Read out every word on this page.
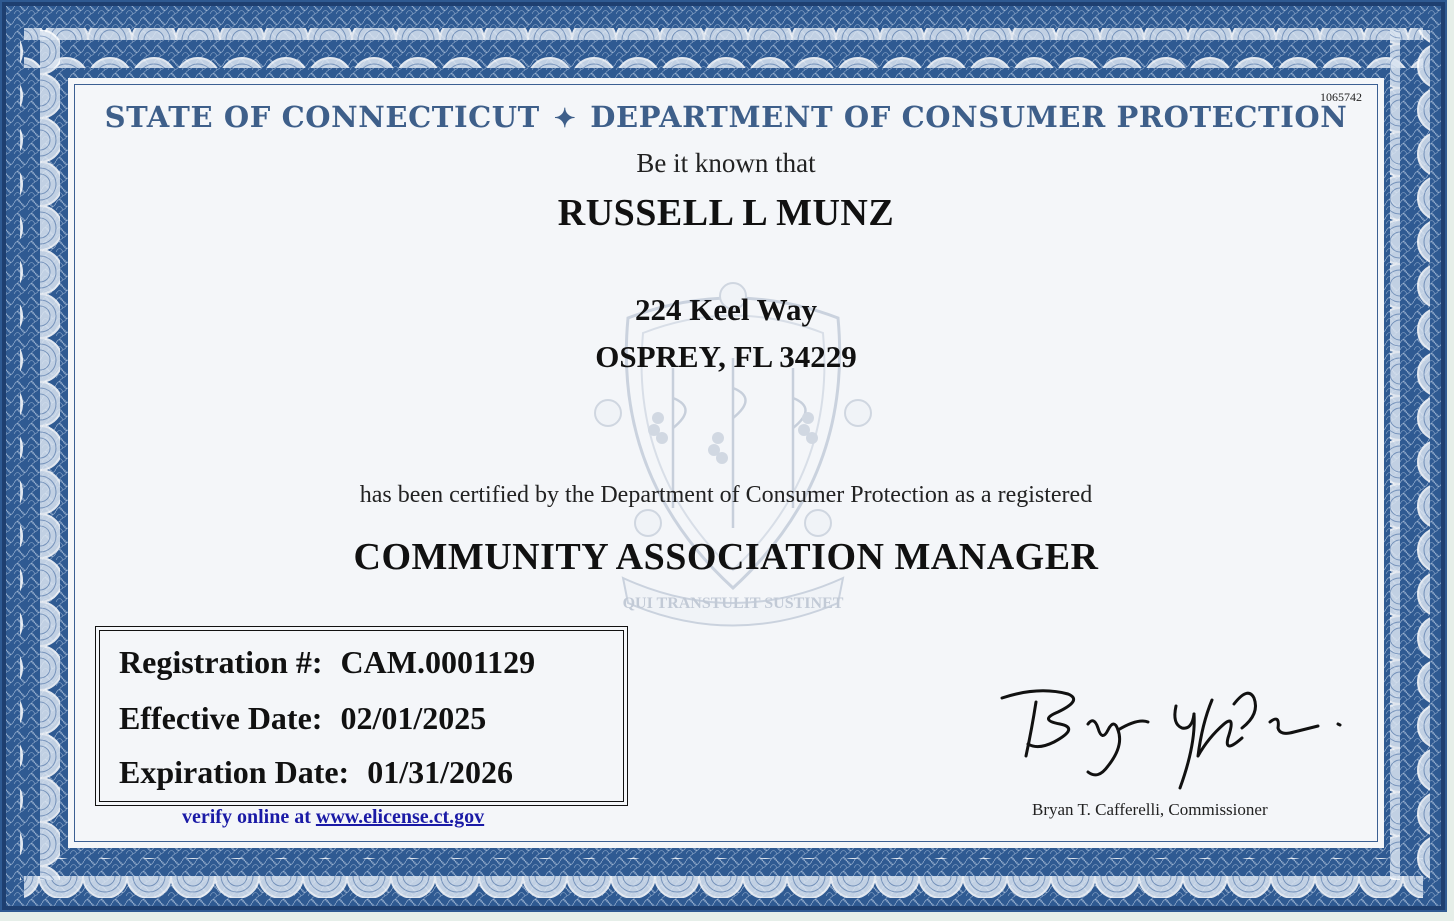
QUI TRANSTULIT SUSTINET
1065742
STATE OF CONNECTICUT ✦ DEPARTMENT OF CONSUMER PROTECTION
Be it known that
RUSSELL L MUNZ
224 Keel Way
OSPREY, FL 34229
has been certified by the Department of Consumer Protection as a registered
COMMUNITY ASSOCIATION MANAGER
Registration #: CAM.0001129
Effective Date: 02/01/2025
Expiration Date: 01/31/2026
verify online at www.elicense.ct.gov	Bryan T. Cafferelli, Commissioner
